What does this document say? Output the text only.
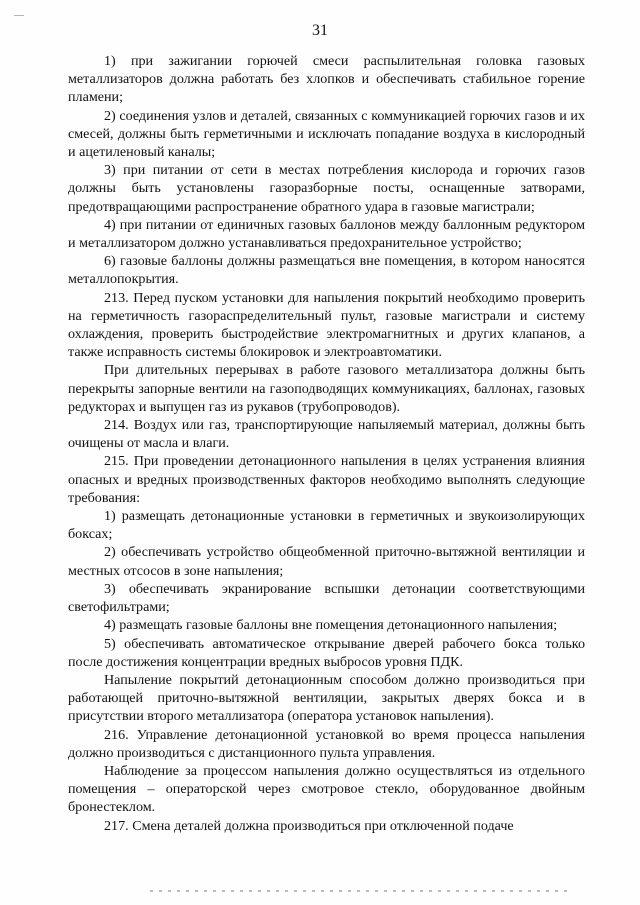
—
31

1) при зажигании горючей смеси распылительная головка газовых металлизаторов должна работать без хлопков и обеспечивать стабильное горение пламени;

2) соединения узлов и деталей, связанных с коммуникацией горючих газов и их смесей, должны быть герметичными и исключать попадание воздуха в кислородный и ацетиленовый каналы;

3) при питании от сети в местах потребления кислорода и горючих газов должны быть установлены газоразборные посты, оснащенные затворами, предотвращающими распространение обратного удара в газовые магистрали;

4) при питании от единичных газовых баллонов между баллонным редуктором и металлизатором должно устанавливаться предохранительное устройство;

6) газовые баллоны должны размещаться вне помещения, в котором наносятся металлопокрытия.

213. Перед пуском установки для напыления покрытий необходимо проверить на герметичность газораспределительный пульт, газовые магистрали и систему охлаждения, проверить быстродействие электромагнитных и других клапанов, а также исправность системы блокировок и электроавтоматики.

При длительных перерывах в работе газового металлизатора должны быть перекрыты запорные вентили на газоподводящих коммуникациях, баллонах, газовых редукторах и выпущен газ из рукавов (трубопроводов).

214. Воздух или газ, транспортирующие напыляемый материал, должны быть очищены от масла и влаги.

215. При проведении детонационного напыления в целях устранения влияния опасных и вредных производственных факторов необходимо выполнять следующие требования:

1) размещать детонационные установки в герметичных и звукоизолирующих боксах;

2) обеспечивать устройство общеобменной приточно-вытяжной вентиляции и местных отсосов в зоне напыления;

3) обеспечивать экранирование вспышки детонации соответствующими светофильтрами;

4) размещать газовые баллоны вне помещения детонационного напыления;

5) обеспечивать автоматическое открывание дверей рабочего бокса только после достижения концентрации вредных выбросов уровня ПДК.

Напыление покрытий детонационным способом должно производиться при работающей приточно-вытяжной вентиляции, закрытых дверях бокса и в присутствии второго металлизатора (оператора установок напыления).

216. Управление детонационной установкой во время процесса напыления должно производиться с дистанционного пульта управления.

Наблюдение за процессом напыления должно осуществляться из отдельного помещения – операторской через смотровое стекло, оборудованное двойным бронестеклом.

217. Смена деталей должна производиться при отключенной подаче
